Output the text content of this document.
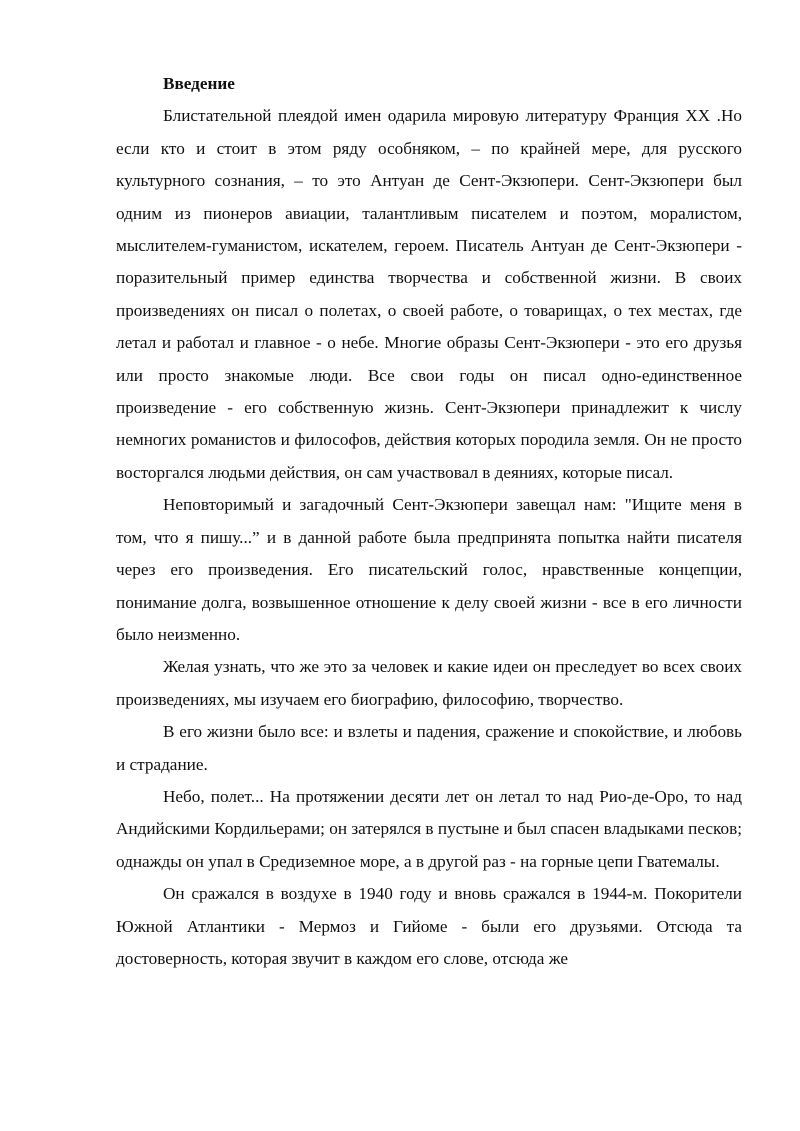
Введение

Блистательной плеядой имен одарила мировую литературу Франция XX .Но если кто и стоит в этом ряду особняком, – по крайней мере, для русского культурного сознания, – то это Антуан де Сент-Экзюпери. Сент-Экзюпери был одним из пионеров авиации, талантливым писателем и поэтом, моралистом, мыслителем-гуманистом, искателем, героем. Писатель Антуан де Сент-Экзюпери - поразительный пример единства творчества и собственной жизни. В своих произведениях он писал о полетах, о своей работе, о товарищах, о тех местах, где летал и работал и главное - о небе. Многие образы Сент-Экзюпери - это его друзья или просто знакомые люди. Все свои годы он писал одно-единственное произведение - его собственную жизнь. Сент-Экзюпери принадлежит к числу немногих романистов и философов, действия которых породила земля. Он не просто восторгался людьми действия, он сам участвовал в деяниях, которые писал.

Неповторимый и загадочный Сент-Экзюпери завещал нам: "Ищите меня в том, что я пишу...” и в данной работе была предпринята попытка найти писателя через его произведения. Его писательский голос, нравственные концепции, понимание долга, возвышенное отношение к делу своей жизни - все в его личности было неизменно.

Желая узнать, что же это за человек и какие идеи он преследует во всех своих произведениях, мы изучаем его биографию, философию, творчество.

В его жизни было все: и взлеты и падения, сражение и спокойствие, и любовь и страдание.

Небо, полет... На протяжении десяти лет он летал то над Рио-де-Оро, то над Андийскими Кордильерами; он затерялся в пустыне и был спасен владыками песков; однажды он упал в Средиземное море, а в другой раз - на горные цепи Гватемалы.

Он сражался в воздухе в 1940 году и вновь сражался в 1944-м. Покорители Южной Атлантики - Мермоз и Гийоме - были его друзьями. Отсюда та достоверность, которая звучит в каждом его слове, отсюда же
